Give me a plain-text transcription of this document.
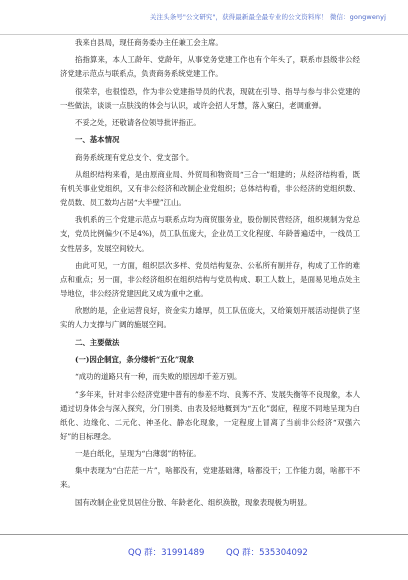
关注头条号"公文研究"，获得最新最全最专业的公文资料库！ 微信：gongwenyj

我来自县局，现任商务委办主任兼工会主席。

掐指算来，本人工龄年、党龄年，从事党务党建工作也有个年头了，联系市县级非公经济党建示范点与联系点，负责商务系统党建工作。

很荣幸，也很惶恐，作为非公党建指导员的代表，现就在引导、指导与参与非公党建的一些做法，谈谈一点肤浅的体会与认识，或许会招人牙慧，落入窠臼，老调重弹。

不妥之处，还敬请各位领导批评指正。

一、基本情况

商务系统现有党总支个、党支部个。

从组织结构来看，是由原商业局、外贸局和物资局“三合一”组建的；从经济结构看，既有机关事业党组织，又有非公经济和改制企业党组织；总体结构看，非公经济的党组织数、党员数、员工数均占居“大半壁”江山。

我机系的三个党建示范点与联系点均为商贸服务业，股份制民营经济，组织规制为党总支，党员比例偏少(不足4%)，员工队伍庞大，企业员工文化程度、年龄普遍适中，一线员工女性居多，发展空间较大。

由此可见，一方面，组织层次多样、党员结构复杂、公私所有制并存，构成了工作的难点和重点；另一面，非公经济组织在组织结构与党员构成、职工人数上，是面易见地点处主导地位，非公经济党建因此又成为重中之重。

欣慰的是，企业运营良好，资金实力雄厚，员工队伍庞大，又给策划开展活动提供了坚实的人力支撑与广阔的施展空间。

二、主要做法

(一)因企制宜，条分缕析“五化”现象

“成功的道路只有一种，而失败的原因却千差万别。

”多年来，针对非公经济党建中普有的参差不均、良莠不齐、发展失衡等不良现象，本人通过切身体会与深入探究，分门别类、由表及轻地概到为“五化”弱症，程度不同地呈现为白纸化、边缘化、二元化、神圣化、静态化现象，一定程度上冒离了当前非公经济“双强六好”的目标理念。

一是白纸化，呈现为“白薄弱”的特征。

集中表现为“白茫茫一片”，啥都没有，党建基础薄，啥都没干；工作能力弱，啥都干不来。

国有改制企业党员居住分散、年龄老化、组织涣散，现象表现极为明显。

QQ 群：31991489	QQ 群：535304092
